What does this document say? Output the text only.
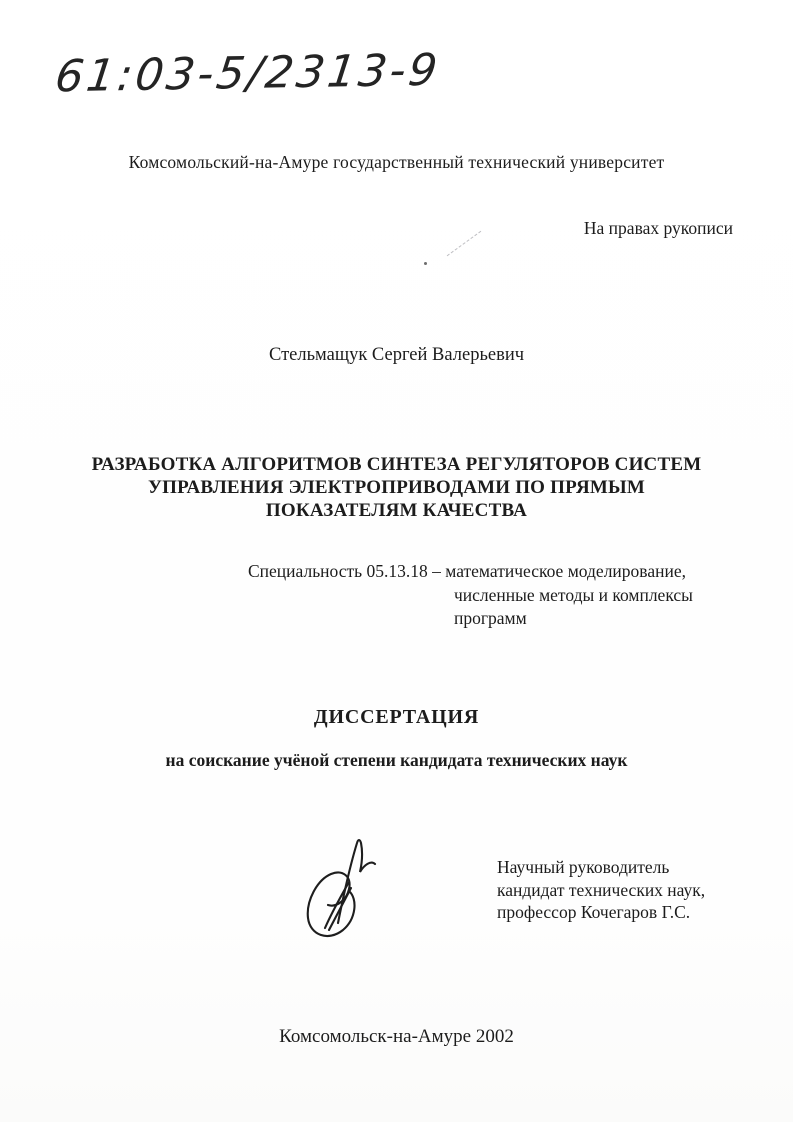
61:03-5/2313-9
Комсомольский-на-Амуре государственный технический университет
На правах рукописи
Стельмащук Сергей Валерьевич
РАЗРАБОТКА АЛГОРИТМОВ СИНТЕЗА РЕГУЛЯТОРОВ СИСТЕМ
УПРАВЛЕНИЯ ЭЛЕКТРОПРИВОДАМИ ПО ПРЯМЫМ
ПОКАЗАТЕЛЯМ КАЧЕСТВА
Специальность 05.13.18 – математическое моделирование,
численные методы и комплексы
программ
ДИССЕРТАЦИЯ
на соискание учёной степени кандидата технических наук
Научный руководитель
кандидат технических наук,
профессор Кочегаров Г.С.
Комсомольск-на-Амуре 2002
